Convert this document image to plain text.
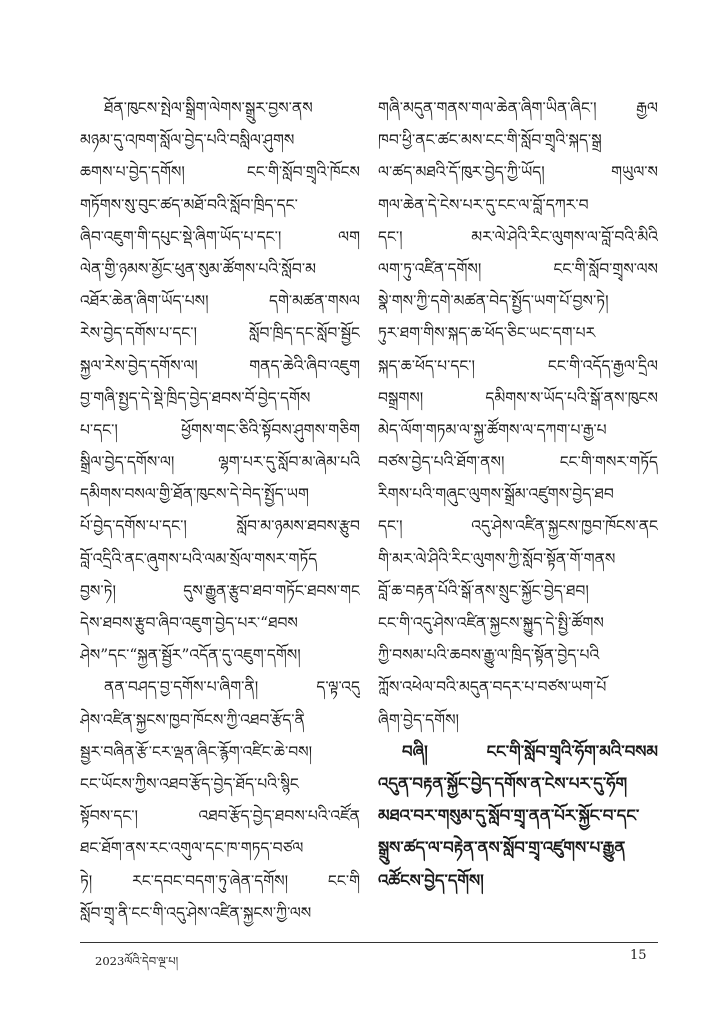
ཐོན་ཁུངས་སྤེལ་སྒྲིག་ལེགས་སྒྲུར་བྱས་ནས
མཉམ་དུ་འཁག་སློལ་བྱེད་པའི་བསླིལ་ཤུགས
ཆགས་པ་བྱེད་དགོས། ངང་གི་སློབ་གྲྭའི་ཁོངས
གཏོགས་སུ་བུང་ཚད་མཐོ་བའི་སློབ་ཁྲིད་དང་
ཞིབ་འཇུག་གི་དཔུང་སྡེ་ཞིག་ཡོད་པ་དང་། ལག
ལེན་གྱི་ཉམས་མྱོང་ཕུན་སུམ་ཚོགས་པའི་སློབ་མ
འཐོར་ཆེན་ཞིག་ཡོད་པས། དགེ་མཚན་གསལ
རེས་བྱེད་དགོས་པ་དང་། སློབ་ཁྲིད་དང་སློབ་སྦྱོང
སྐྱལ་རེས་བྱེད་དགོས་ལ། གནད་ཆེའི་ཞིབ་འཇུག
བྱ་གཞི་སྤྱད་དེ་སྡེ་ཁྲིད་བྱེད་ཐབས་བོ་བྱེད་དགོས
པ་དང་། ཕྱོགས་གང་ཅིའི་སྟོབས་ཤུགས་གཅིག
སྒྲིལ་བྱེད་དགོས་ལ། ལྷག་པར་དུ་སློབ་མ་ཞེམ་པའི
དམིགས་བསལ་གྱི་ཐོན་ཁུངས་དེ་བེད་སྤྱོད་ཡག
པོ་བྱེད་དགོས་པ་དང་། སློབ་མ་ཉམས་ཐབས་རྩུབ
བློ་འདྲིའི་ནང་ཞུགས་པའི་ལམ་སྲོལ་གསར་གཏོད
བྱས་ཏེ། དུས་རྒྱུན་རྩུབ་ཐབ་གཏོང་ཐབས་གང
དེས་ཐབས་རྩུབ་ཞིབ་འཇུག་བྱེད་པར་“ཐབས
ཤེས”དང་“སྐྱན་སྦྱོར”འདོན་དུ་འཇུག་དགོས།
ནན་བཤད་བྱ་དགོས་པ་ཞིག་ནི། ད་ལྟ་འདུ
ཤེས་འཛིན་སྐྱངས་ཁྱབ་ཁོངས་ཀྱི་འཐབ་རྩོད་ནི
སྦྱར་བཞིན་རྩོ་ངར་ལྡན་ཞིང་རྙོག་འཛིང་ཆེ་བས།
ངང་ཡོངས་ཀྱིས་འཐབ་རྩོད་བྱེད་ཐོད་པའི་སྙིང
སྟོབས་དང་། འཐབ་རྩོད་བྱེད་ཐབས་པའི་འཛོན
ཐང་ཐོག་ནས་རང་འགུལ་དང་ཁ་གཏད་བཙལ
ཏེ། རང་དབང་བདག་ཏུ་ཞེན་དགོས། ངང་གི
སློབ་གྲྭ་ནི་ངང་གི་འདུ་ཤེས་འཛིན་སྐྱངས་ཀྱི་ལས
གཞི་མདུན་གནས་གལ་ཆེན་ཞིག་ཡིན་ཞིང་། རྒྱལ
ཁབ་ཕྱི་ནང་ཚང་མས་ངང་གི་སློབ་གྲྭའི་སྐད་སྒྲ
ལ་ཚད་མཐའི་དོ་ཁུར་བྱེད་ཀྱི་ཡོད། གཡུལ་ས
གལ་ཆེན་དེ་ངེས་པར་དུ་ངང་ལ་བློ་དཀར་བ
དང་། མར་ལེ་ཤེའི་རིང་ལུགས་ལ་བློ་བའི་མིའི
ལག་ཏུ་འཛིན་དགོས། ངང་གི་སློབ་གྲྭས་ལས
སྣེ་གས་ཀྱི་དགེ་མཚན་བེད་སྤྱོད་ཡག་པོ་བྱས་ཏེ།
ཏུར་ཐག་གིས་སྐད་ཆ་ཕོད་ཅིང་ཡང་དག་པར
སྐད་ཆ་ཕོད་པ་དང་། ངང་གི་འདོད་རྒྱལ་དྲིལ
བསྒྲགས། དམིགས་ས་ཡོད་པའི་སྒོ་ནས་ཁུངས
མེད་ལོག་གཏམ་ལ་སྐྱ་ཚོགས་ལ་དཀག་པ་རྒྱ་པ
བཙས་བྱེད་པའི་ཐོག་ནས། ངང་གི་གསར་གཏོད
རིགས་པའི་གཞུང་ལུགས་སྒྲོམ་འཛུགས་བྱེད་ཐབ
དང་། འདུ་ཤེས་འཛིན་སྐྱངས་ཁྱབ་ཁོངས་ནང
གི་མར་ལེ་ཤིའི་རིང་ལུགས་ཀྱི་སློབ་སྟོན་གོ་གནས
བློ་ཆ་བརྟན་པོའི་སྒོ་ནས་སྲུང་སྐྱོང་བྱེད་ཐབ།
ངང་གི་འདུ་ཤེས་འཛིན་སྐྱངས་སྐྱུད་དེ་སྤྱི་ཚོགས
ཀྱི་བསམ་པའི་ཆབས་རྒྱུ་ལ་ཁྲིད་སྟོན་བྱེད་པའི
ཀློས་འཕེལ་བའི་མདུན་བདར་པ་བཙས་ཡག་པོ
ཞིག་བྱེད་དགོས།
བཞི། ངང་གི་སློབ་གྲྭའི་ཧོག་མའི་བསམ
འདུན་བརྟན་སྐྱོང་བྱེད་དགོས་ན་ངེས་པར་དུ་ཧོག
མཐའ་བར་གསུམ་དུ་སློབ་གྲྭ་ནན་པོར་སྐྱོང་བ་དང་
སྒྲུས་ཚད་ལ་བརྟེན་ནས་སློབ་གྲྭ་འཛུགས་པ་རྒྱུན
འཚོངས་བྱེད་དགོས།
2023ལོའི་དེབ་ལྔ་པ།	15
